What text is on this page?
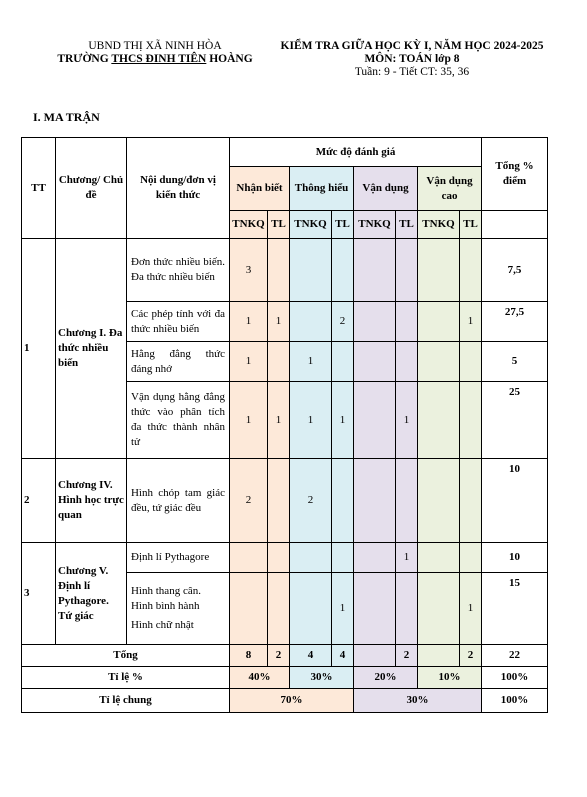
UBND THỊ XÃ NINH HÒA
TRƯỜNG THCS ĐINH TIÊN HOÀNG
KIỂM TRA GIỮA HỌC KỲ I, NĂM HỌC 2024-2025
MÔN: TOÁN lớp 8
Tuần: 9 - Tiết CT: 35, 36
I. MA TRẬN
TT	Chương/ Chủ đề	Nội dung/đơn vị kiến thức	Mức độ đánh giá								Tổng % điểm
			Nhận biết		Thông hiểu		Vận dụng		Vận dụng cao		
			TNKQ	TL	TNKQ	TL	TNKQ	TL	TNKQ	TL	
1	Chương I. Đa thức nhiều biến	Đơn thức nhiều biến. Đa thức nhiều biến	3								7,5
		Các phép tính với đa thức nhiều biến	1	1		2				1	27,5
		Hằng đẳng thức đáng nhớ	1		1						5
		Vận dụng hằng đẳng thức vào phân tích đa thức thành nhân tử	1	1	1	1		1			25
2	Chương IV. Hình học trực quan	Hình chóp tam giác đều, tứ giác đều	2		2						10
3	Chương V. Định lí Pythagore. Tứ giác	Định lí Pythagore						1			10

		Hình thang cân.
Hình bình hành
Hình chữ nhật				1				1	15
Tổng			8	2	4	4		2		2	22
Tỉ lệ %			40%		30%		20%		10%		100%
Tỉ lệ chung			70%				30%				100%
